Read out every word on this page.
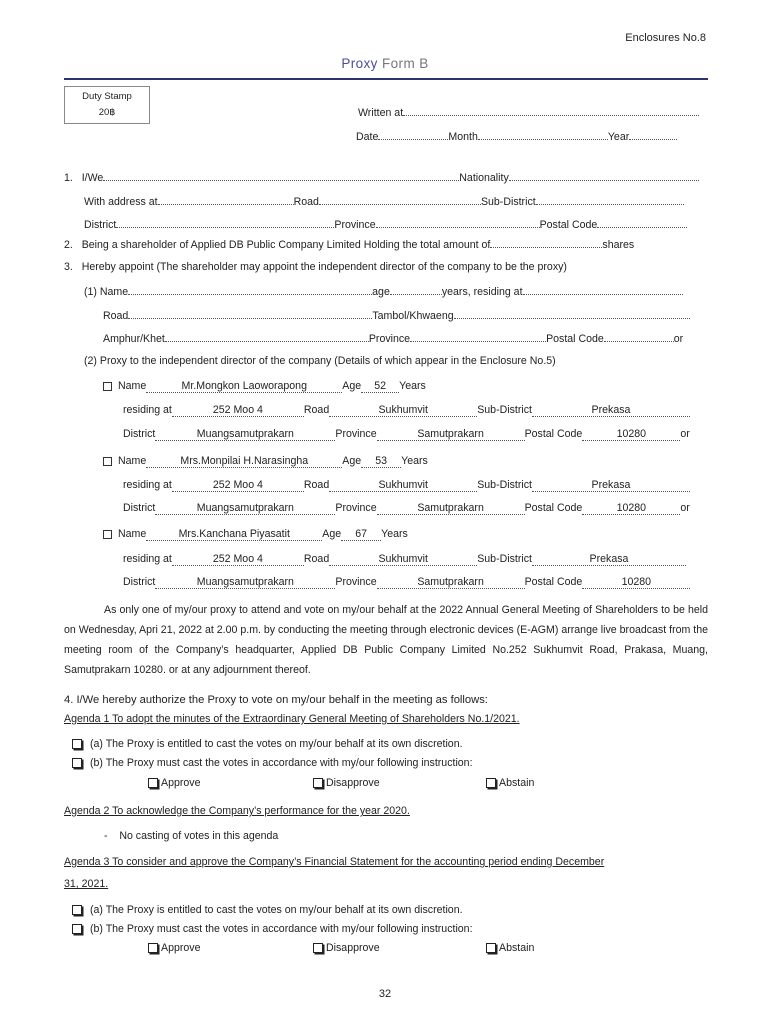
Enclosures No.8
Proxy Form B
Duty Stamp
20฿	Written at
Date	Month	Year
1. I/We	Nationality
With address at	Road	Sub-District
District	Province	Postal Code
2. Being a shareholder of Applied DB Public Company Limited Holding the total amount of	shares
3. Hereby appoint (The shareholder may appoint the independent director of the company to be the proxy)
(1) Name	age	years, residing at
Road	Tambol/Khwaeng
Amphur/Khet	Province	Postal Code	or
(2) Proxy to the independent director of the company (Details of which appear in the Enclosure No.5)
Name	Mr.Mongkon Laoworapong	Age 52 Years
residing at	252 Moo 4	Road	Sukhumvit	Sub-District	Prekasa
District	Muangsamutprakarn	Province	Samutprakarn	Postal Code	10280	or
Name	Mrs.Monpilai H.Narasingha	Age 53 Years
residing at	252 Moo 4	Road	Sukhumvit	Sub-District	Prekasa
District	Muangsamutprakarn	Province	Samutprakarn	Postal Code	10280	or
Name	Mrs.Kanchana Piyasatit	Age 67 Years
residing at	252 Moo 4	Road	Sukhumvit	Sub-District	Prekasa
District	Muangsamutprakarn	Province	Samutprakarn	Postal Code	10280
As only one of my/our proxy to attend and vote on my/our behalf at the 2022 Annual General Meeting of Shareholders to be held on Wednesday, Apri 21, 2022 at 2.00 p.m. by conducting the meeting through electronic devices (E-AGM) arrange live broadcast from the meeting room of the Company’s headquarter, Applied DB Public Company Limited No.252 Sukhumvit Road, Prakasa, Muang, Samutprakarn 10280. or at any adjournment thereof.
4. I/We hereby authorize the Proxy to vote on my/our behalf in the meeting as follows:
Agenda 1 To adopt the minutes of the Extraordinary General Meeting of Shareholders No.1/2021.
(a) The Proxy is entitled to cast the votes on my/our behalf at its own discretion.
(b) The Proxy must cast the votes in accordance with my/our following instruction:
Approve	Disapprove	Abstain
Agenda 2 To acknowledge the Company’s performance for the year 2020.
- No casting of votes in this agenda
Agenda 3 To consider and approve the Company’s Financial Statement for the accounting period ending December
31, 2021.
(a) The Proxy is entitled to cast the votes on my/our behalf at its own discretion.
(b) The Proxy must cast the votes in accordance with my/our following instruction:
Approve	Disapprove	Abstain
32
